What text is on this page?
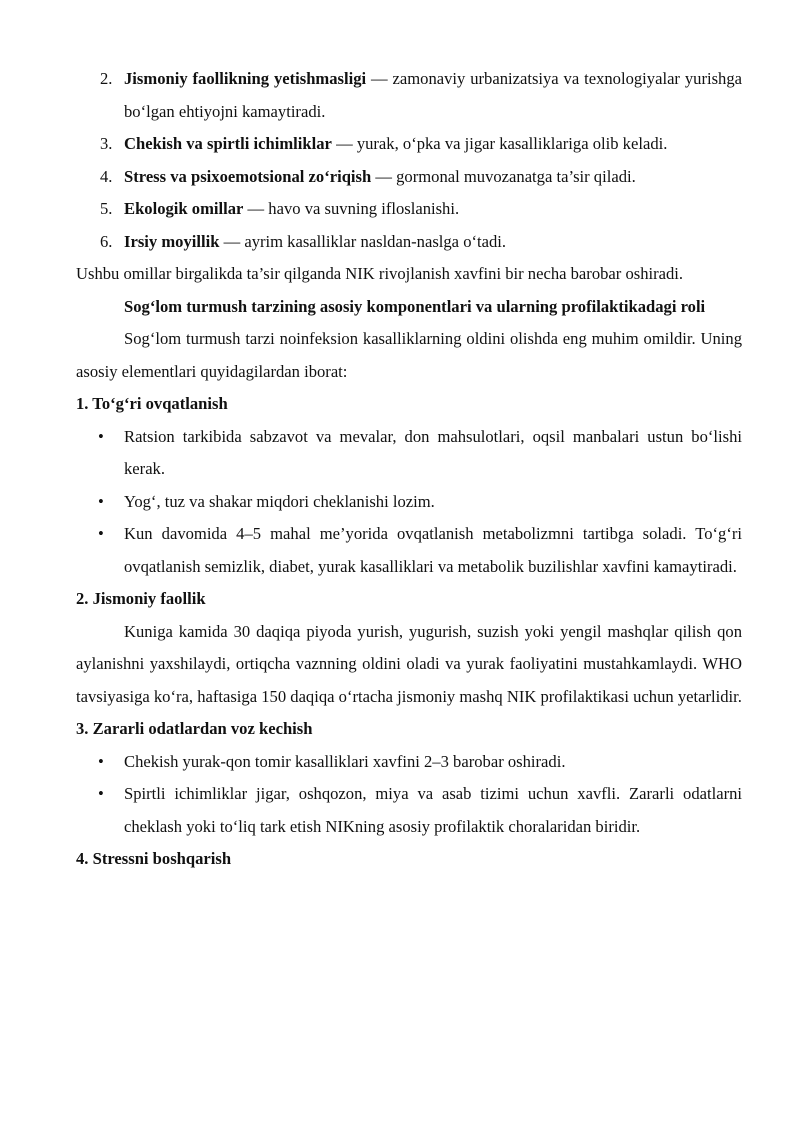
2. Jismoniy faollikning yetishmasligi — zamonaviy urbanizatsiya va texnologiyalar yurishga bo‘lgan ehtiyojni kamaytiradi.
3. Chekish va spirtli ichimliklar — yurak, o‘pka va jigar kasalliklariga olib keladi.
4. Stress va psixoemotsional zo‘riqish — gormonal muvozanatga ta’sir qiladi.
5. Ekologik omillar — havo va suvning ifloslanishi.
6. Irsiy moyillik — ayrim kasalliklar nasldan-naslga o‘tadi.

Ushbu omillar birgalikda ta’sir qilganda NIK rivojlanish xavfini bir necha barobar oshiradi.

Sog‘lom turmush tarzining asosiy komponentlari va ularning profilaktikadagi roli

Sog‘lom turmush tarzi noinfeksion kasalliklarning oldini olishda eng muhim omildir. Uning asosiy elementlari quyidagilardan iborat:

1. To‘g‘ri ovqatlanish

• Ratsion tarkibida sabzavot va mevalar, don mahsulotlari, oqsil manbalari ustun bo‘lishi kerak.
• Yog‘, tuz va shakar miqdori cheklanishi lozim.
• Kun davomida 4–5 mahal me’yorida ovqatlanish metabolizmni tartibga soladi. To‘g‘ri ovqatlanish semizlik, diabet, yurak kasalliklari va metabolik buzilishlar xavfini kamaytiradi.

2. Jismoniy faollik

Kuniga kamida 30 daqiqa piyoda yurish, yugurish, suzish yoki yengil mashqlar qilish qon aylanishni yaxshilaydi, ortiqcha vaznning oldini oladi va yurak faoliyatini mustahkamlaydi. WHO tavsiyasiga ko‘ra, haftasiga 150 daqiqa o‘rtacha jismoniy mashq NIK profilaktikasi uchun yetarlidir.

3. Zararli odatlardan voz kechish

• Chekish yurak-qon tomir kasalliklari xavfini 2–3 barobar oshiradi.
• Spirtli ichimliklar jigar, oshqozon, miya va asab tizimi uchun xavfli. Zararli odatlarni cheklash yoki to‘liq tark etish NIKning asosiy profilaktik choralaridan biridir.

4. Stressni boshqarish
